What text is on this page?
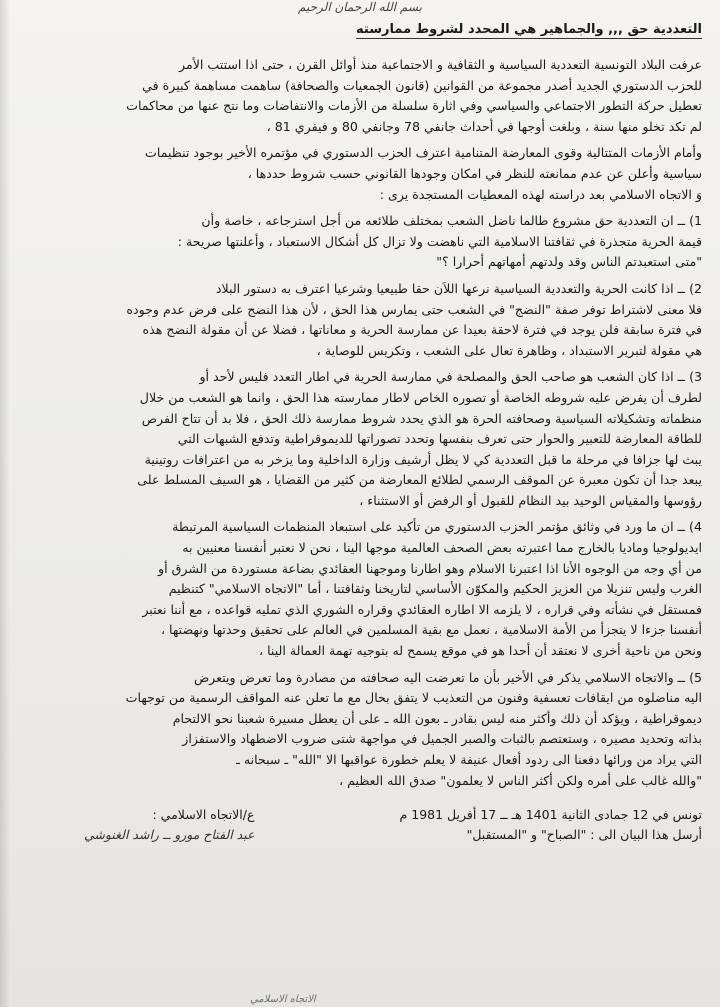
بسم الله الرحمان الرحيم
التعددية حق ,,, والجماهير هي المحدد لشروط ممارسته
عرفت البلاد التونسية التعددية السياسية و الثقافية و الاجتماعية منذ أوائل القرن ، حتى اذا استتب الأمر
للحزب الدستوري الجديد أصدر مجموعة من القوانين (قانون الجمعيات والصحافة) ساهمت مساهمة كبيرة في
تعطيل حركة التطور الاجتماعي والسياسي وفي اثارة سلسلة من الأزمات والانتفاضات وما نتج عنها من محاكمات
لم تكد تخلو منها سنة ، وبلغت أوجها في أحداث جانفي 78 وجانفي 80 و فيفري 81 ،
وأمام الأزمات المتتالية وقوى المعارضة المتنامية اعترف الحزب الدستوري في مؤتمره الأخير بوجود تنظيمات
سياسية وأعلن عن عدم ممانعته للنظر في امكان وجودها القانوني حسب شروط حددها ،
وَ الاتجاه الاسلامي بعد دراسته لهذه المعطيات المستجدة يرى :
1) ــ ان التعددية حق مشروع طالما ناضل الشعب بمختلف طلائعه من أجل استرجاعه ، خاصة وأن
قيمة الحرية متجذرة في ثقافتنا الاسلامية التي ناهضت ولا تزال كل أشكال الاستعباد ، وأعلنتها صريحة :
"متى استعبدتم الناس وقد ولدتهم أمهاتهم أحرارا ؟"
2) ــ اذا كانت الحرية والتعددية السياسية نرعها اللاَن حقا طبيعيا وشرعيا اعترف به دستور البلاد
فلا معنى لاشتراط توفر صفة "النضج" في الشعب حتى يمارس هذا الحق ، لأن هذا النضج على فرض عدم وجوده
في فترة سابقة فلن يوجد في فترة لاحقة بعيدا عن ممارسة الحرية و معاناتها ، فضلا عن أن مقولة النضج هذه
هي مقولة لتبرير الاستبداد ، وظاهرة تعال على الشعب ، وتكريس للوصاية ،
3) ــ اذا كان الشعب هو صاحب الحق والمصلحة في ممارسة الحرية في اطار التعدد فليس لأحد أو
لطرف أن يفرض عليه شروطه الخاصة أو تصوره الخاص لاطار ممارسته هذا الحق ، وانما هو الشعب من خلال
منظماته وتشكيلاته السياسية وصحافته الحرة هو الذي يحدد شروط ممارسة ذلك الحق ، فلا بد أن تتاح الفرص
للطاقة المعارضة للتعبير والحوار حتى تعرف بنفسها وتحدد تصوراتها للديموقراطية وتدفع الشبهات التي
يبث لها جزافا في مرحلة ما قبل التعددية كي لا يظل أرشيف وزارة الداخلية وما يزخر به من اعترافات روتينية
يبعد جدا أن تكون معبرة عن الموقف الرسمي لطلائع المعارضة من كثير من القضايا ، هو السيف المسلط على
رؤوسها والمقياس الوحيد بيد النظام للقبول أو الرفض أو الاستثناء ،
4) ــ ان ما ورد في وثائق مؤتمر الحزب الدستوري من تأكيد على استبعاد المنظمات السياسية المرتبطة
ايديولوجيا وماديا بالخارج مما اعتبرته بعض الصحف العالمية موجها الينا ، نحن لا نعتبر أنفسنا معنيين به
من أي وجه من الوجوه الأنا اذا اعتبرنا الاسلام وهو اطارنا وموجهنا العقائدي بضاعة مستوردة من الشرق أو
الغرب وليس تنزيلا من العزيز الحكيم والمكوّن الأساسي لتاريخنا وثقافتنا ، أما "الاتجاه الاسلامي" كتنظيم
فمستقل في نشأته وفي قراره ، لا يلزمه الا اطاره العقائدي وقراره الشوري الذي تمليه قواعده ، مع أننا نعتبر
أنفسنا جزءا لا يتجزأ من الأمة الاسلامية ، نعمل مع بقية المسلمين في العالم على تحقيق وحدتها ونهضتها ،
ونحن من ناحية أخرى لا نعتقد أن أحدا هو في موقع يسمح له بتوجيه تهمة العمالة الينا ،
5) ــ والاتجاه الاسلامي يذكر في الأخير بأن ما تعرضت اليه صحافته من مصادرة وما تعرض ويتعرض
اليه مناضلوه من ايقافات تعسفية وفنون من التعذيب لا يتفق بحال مع ما تعلن عنه المواقف الرسمية من توجهات
ديموقراطية ، ويؤكد أن ذلك وأكثر منه ليس بقادر ـ بعون الله ـ على أن يعطل مسيرة شعبنا نحو الالتحام
بذاته وتحديد مصيره ، وستعتصم بالثبات والصبر الجميل في مواجهة شتى ضروب الاضطهاد والاستفزاز
التي يراد من ورائها دفعنا الى ردود أفعال عنيفة لا يعلم خطورة عواقبها الا "الله" ـ سبحانه ـ
"والله غالب على أمره ولكن أكثر الناس لا يعلمون" صدق الله العظيم ،
تونس في 12 جمادى الثانية 1401 هـ ــ 17 أفريل 1981 م
أرسل هذا البيان الى : "الصباح" و "المستقبل"
ع/الاتجاه الاسلامي :
عبد الفتاح مورو ــ راشد الغنوشي
الاتجاه الاسلامي
